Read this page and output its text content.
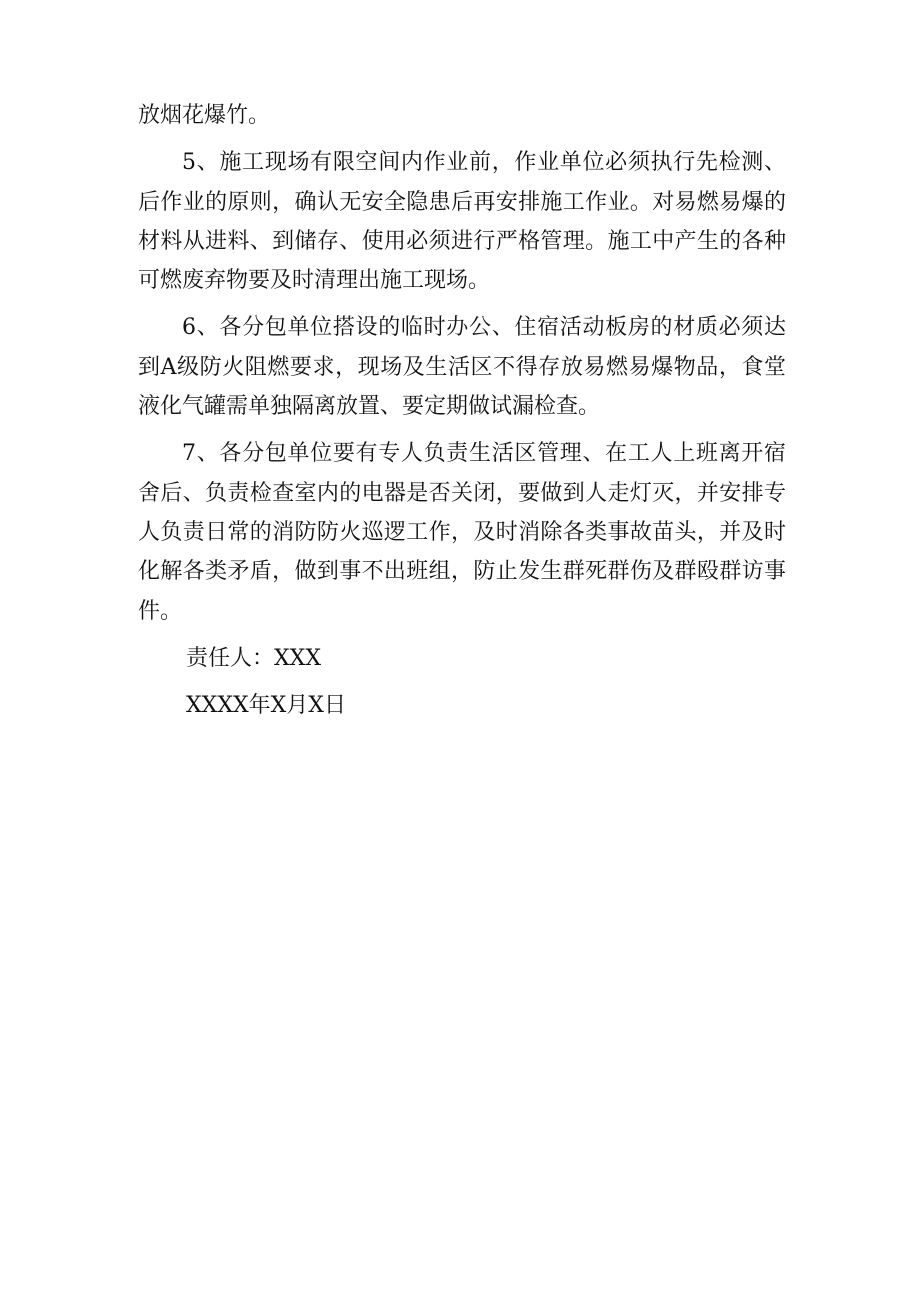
放烟花爆竹。

5、施工现场有限空间内作业前，作业单位必须执行先检测、后作业的原则，确认无安全隐患后再安排施工作业。对易燃易爆的材料从进料、到储存、使用必须进行严格管理。施工中产生的各种可燃废弃物要及时清理出施工现场。

6、各分包单位搭设的临时办公、住宿活动板房的材质必须达到A级防火阻燃要求，现场及生活区不得存放易燃易爆物品，食堂液化气罐需单独隔离放置、要定期做试漏检查。

7、各分包单位要有专人负责生活区管理、在工人上班离开宿舍后、负责检查室内的电器是否关闭，要做到人走灯灭，并安排专人负责日常的消防防火巡逻工作，及时消除各类事故苗头，并及时化解各类矛盾，做到事不出班组，防止发生群死群伤及群殴群访事件。

责任人：XXX

XXXX年X月X日
